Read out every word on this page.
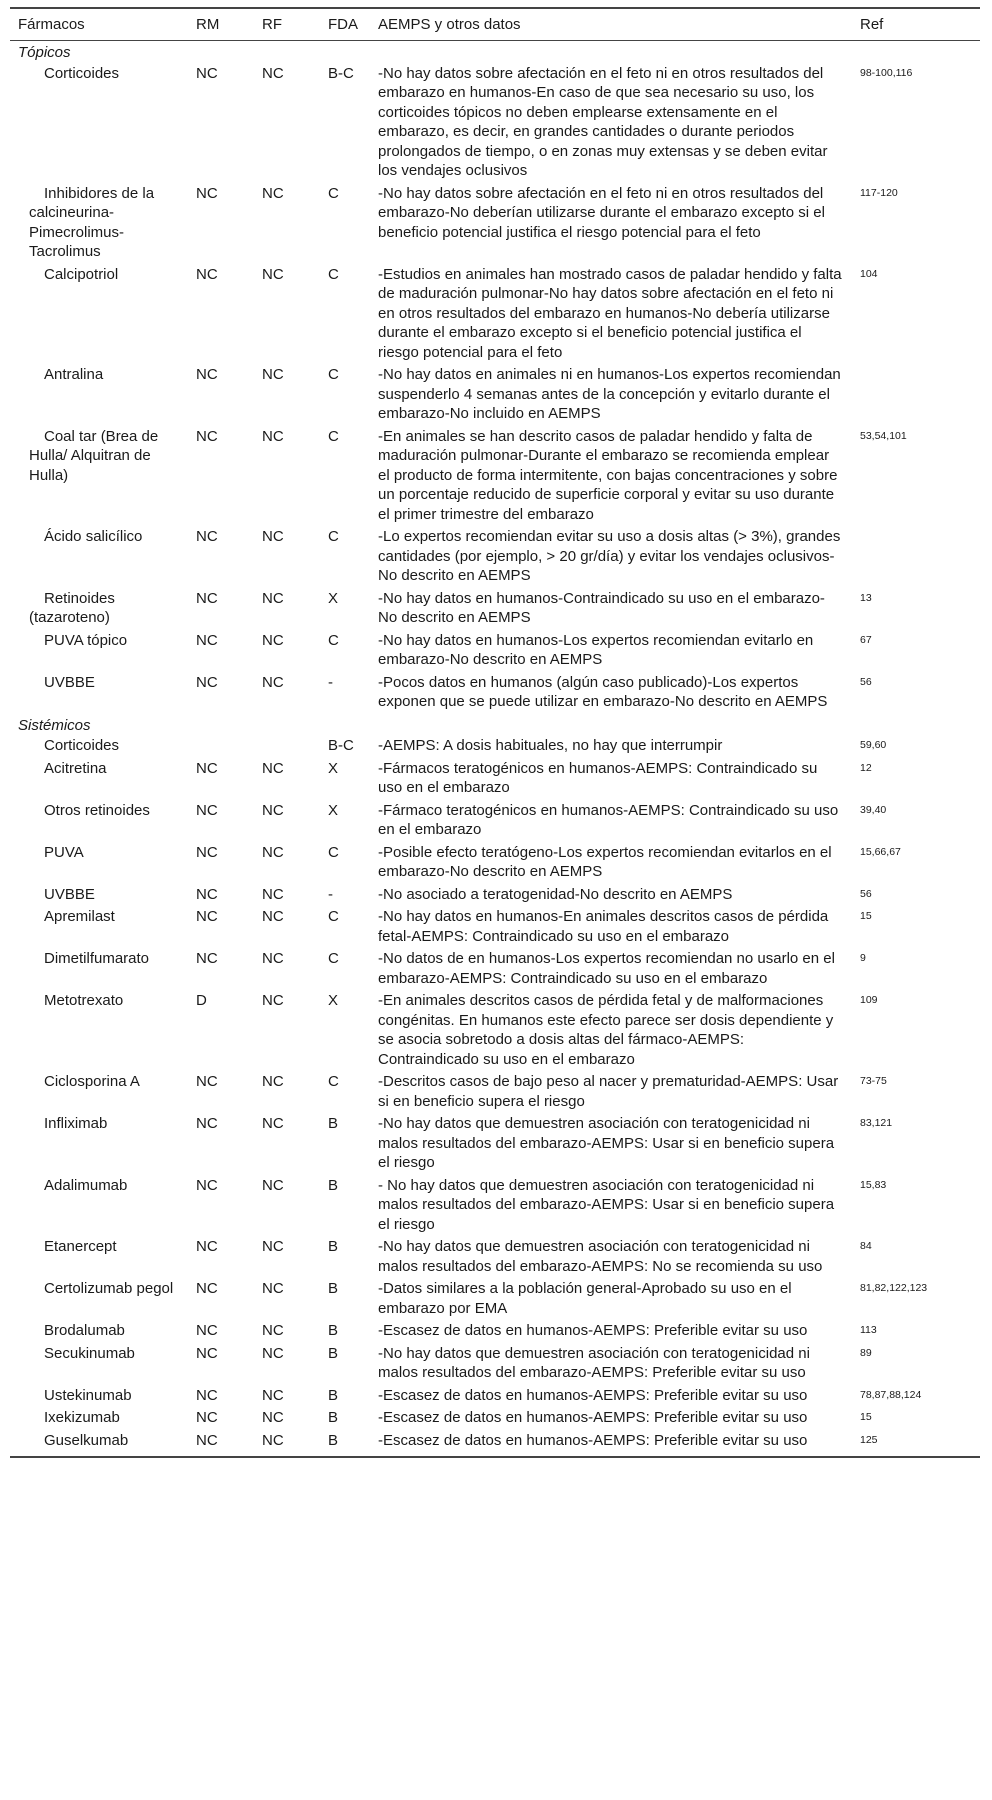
Fármacos	RM	RF	FDA	AEMPS y otros datos	Ref
Tópicos					
Corticoides	NC	NC	B-C	-No hay datos sobre afectación en el feto ni en otros resultados del embarazo en humanos-En caso de que sea necesario su uso, los corticoides tópicos no deben emplearse extensamente en el embarazo, es decir, en grandes cantidades o durante periodos prolongados de tiempo, o en zonas muy extensas y se deben evitar los vendajes oclusivos	98-100,116
Inhibidores de la calcineurina-Pimecrolimus-Tacrolimus	NC	NC	C	-No hay datos sobre afectación en el feto ni en otros resultados del embarazo-No deberían utilizarse durante el embarazo excepto si el beneficio potencial justifica el riesgo potencial para el feto	117-120
Calcipotriol	NC	NC	C	-Estudios en animales han mostrado casos de paladar hendido y falta de maduración pulmonar-No hay datos sobre afectación en el feto ni en otros resultados del embarazo en humanos-No debería utilizarse durante el embarazo excepto si el beneficio potencial justifica el riesgo potencial para el feto	104
Antralina	NC	NC	C	-No hay datos en animales ni en humanos-Los expertos recomiendan suspenderlo 4 semanas antes de la concepción y evitarlo durante el embarazo-No incluido en AEMPS	
Coal tar (Brea de Hulla/ Alquitran de Hulla)	NC	NC	C	-En animales se han descrito casos de paladar hendido y falta de maduración pulmonar-Durante el embarazo se recomienda emplear el producto de forma intermitente, con bajas concentraciones y sobre un porcentaje reducido de superficie corporal y evitar su uso durante el primer trimestre del embarazo	53,54,101
Ácido salicílico	NC	NC	C	-Lo expertos recomiendan evitar su uso a dosis altas (> 3%), grandes cantidades (por ejemplo, > 20 gr/día) y evitar los vendajes oclusivos-No descrito en AEMPS	
Retinoides (tazaroteno)	NC	NC	X	-No hay datos en humanos-Contraindicado su uso en el embarazo-No descrito en AEMPS	13
PUVA tópico	NC	NC	C	-No hay datos en humanos-Los expertos recomiendan evitarlo en embarazo-No descrito en AEMPS	67
UVBBE	NC	NC	-	-Pocos datos en humanos (algún caso publicado)-Los expertos exponen que se puede utilizar en embarazo-No descrito en AEMPS	56
Sistémicos					
Corticoides			B-C	-AEMPS: A dosis habituales, no hay que interrumpir	59,60
Acitretina	NC	NC	X	-Fármacos teratogénicos en humanos-AEMPS: Contraindicado su uso en el embarazo	12
Otros retinoides	NC	NC	X	-Fármaco teratogénicos en humanos-AEMPS: Contraindicado su uso en el embarazo	39,40
PUVA	NC	NC	C	-Posible efecto teratógeno-Los expertos recomiendan evitarlos en el embarazo-No descrito en AEMPS	15,66,67
UVBBE	NC	NC	-	-No asociado a teratogenidad-No descrito en AEMPS	56
Apremilast	NC	NC	C	-No hay datos en humanos-En animales descritos casos de pérdida fetal-AEMPS: Contraindicado su uso en el embarazo	15
Dimetilfumarato	NC	NC	C	-No datos de en humanos-Los expertos recomiendan no usarlo en el embarazo-AEMPS: Contraindicado su uso en el embarazo	9
Metotrexato	D	NC	X	-En animales descritos casos de pérdida fetal y de malformaciones congénitas. En humanos este efecto parece ser dosis dependiente y se asocia sobretodo a dosis altas del fármaco-AEMPS: Contraindicado su uso en el embarazo	109
Ciclosporina A	NC	NC	C	-Descritos casos de bajo peso al nacer y prematuridad-AEMPS: Usar si en beneficio supera el riesgo	73-75
Infliximab	NC	NC	B	-No hay datos que demuestren asociación con teratogenicidad ni malos resultados del embarazo-AEMPS: Usar si en beneficio supera el riesgo	83,121
Adalimumab	NC	NC	B	- No hay datos que demuestren asociación con teratogenicidad ni malos resultados del embarazo-AEMPS: Usar si en beneficio supera el riesgo	15,83
Etanercept	NC	NC	B	-No hay datos que demuestren asociación con teratogenicidad ni malos resultados del embarazo-AEMPS: No se recomienda su uso	84
Certolizumab pegol	NC	NC	B	-Datos similares a la población general-Aprobado su uso en el embarazo por EMA	81,82,122,123
Brodalumab	NC	NC	B	-Escasez de datos en humanos-AEMPS: Preferible evitar su uso	113
Secukinumab	NC	NC	B	-No hay datos que demuestren asociación con teratogenicidad ni malos resultados del embarazo-AEMPS: Preferible evitar su uso	89
Ustekinumab	NC	NC	B	-Escasez de datos en humanos-AEMPS: Preferible evitar su uso	78,87,88,124
Ixekizumab	NC	NC	B	-Escasez de datos en humanos-AEMPS: Preferible evitar su uso	15
Guselkumab	NC	NC	B	-Escasez de datos en humanos-AEMPS: Preferible evitar su uso	125
